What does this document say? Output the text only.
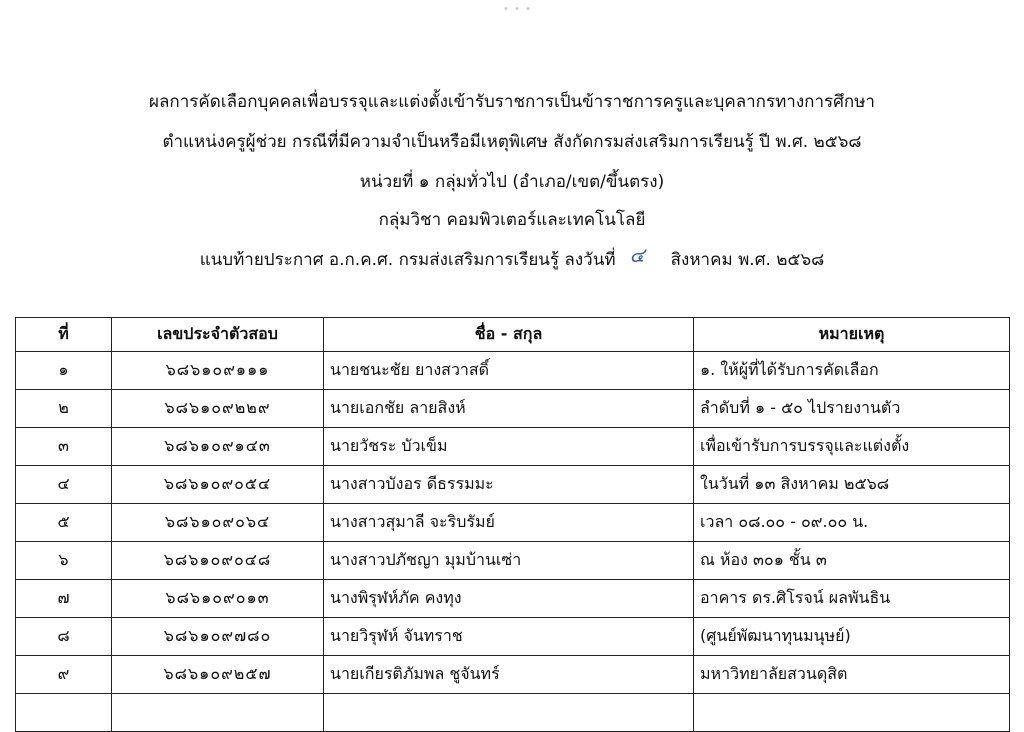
• • •
ผลการคัดเลือกบุคคลเพื่อบรรจุและแต่งตั้งเข้ารับราชการเป็นข้าราชการครูและบุคลากรทางการศึกษา
ตำแหน่งครูผู้ช่วย กรณีที่มีความจำเป็นหรือมีเหตุพิเศษ สังกัดกรมส่งเสริมการเรียนรู้ ปี พ.ศ. ๒๕๖๘
หน่วยที่ ๑ กลุ่มทั่วไป (อำเภอ/เขต/ขึ้นตรง)
กลุ่มวิชา คอมพิวเตอร์และเทคโนโลยี
แนบท้ายประกาศ อ.ก.ค.ศ. กรมส่งเสริมการเรียนรู้ ลงวันที่ ๔ สิงหาคม พ.ศ. ๒๕๖๘
ที่	เลขประจำตัวสอบ	ชื่อ - สกุล	หมายเหตุ
๑	๖๘๖๑๐๙๑๑๑	นายชนะชัย ยางสวาสดิ์	๑. ให้ผู้ที่ได้รับการคัดเลือก
๒	๖๘๖๑๐๙๒๒๙	นายเอกชัย ลายสิงห์	ลำดับที่ ๑ - ๕๐ ไปรายงานตัว
๓	๖๘๖๑๐๙๑๔๓	นายวัชระ บัวเข็ม	เพื่อเข้ารับการบรรจุและแต่งตั้ง
๔	๖๘๖๑๐๙๐๕๔	นางสาวบังอร ดีธรรมมะ	ในวันที่ ๑๓ สิงหาคม ๒๕๖๘
๕	๖๘๖๑๐๙๐๖๔	นางสาวสุมาลี จะริบรัมย์	เวลา ๐๘.๐๐ - ๐๙.๐๐ น.
๖	๖๘๖๑๐๙๐๔๘	นางสาวปภัชญา มุมบ้านเซ่า	ณ ห้อง ๓๐๑ ชั้น ๓
๗	๖๘๖๑๐๙๐๑๓	นางพิรุฬห์ภัค คงทุง	อาคาร ดร.ศิโรจน์ ผลพันธิน
๘	๖๘๖๑๐๙๗๘๐	นายวิรุฬห์ จันทราช	(ศูนย์พัฒนาทุนมนุษย์)
๙	๖๘๖๑๐๙๒๕๗	นายเกียรติภัมพล ชูจันทร์	มหาวิทยาลัยสวนดุสิต
